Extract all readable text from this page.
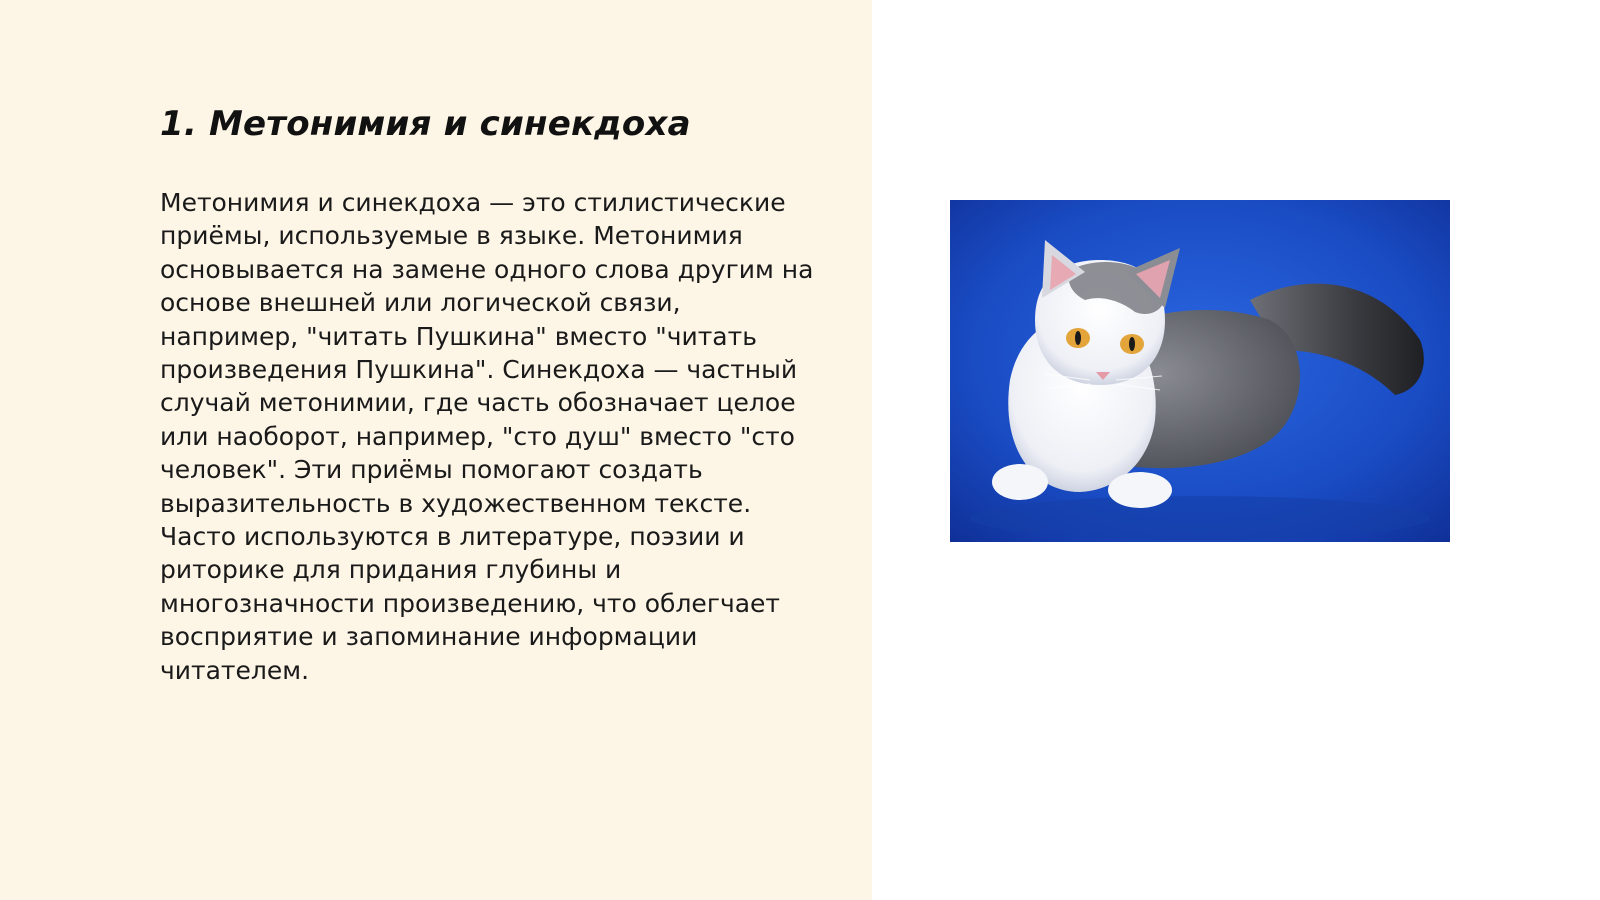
1. Метонимия и синекдоха

Метонимия и синекдоха — это стилистические
приёмы, используемые в языке. Метонимия
основывается на замене одного слова другим на
основе внешней или логической связи,
например, "читать Пушкина" вместо "читать
произведения Пушкина". Синекдоха — частный
случай метонимии, где часть обозначает целое
или наоборот, например, "сто душ" вместо "сто
человек". Эти приёмы помогают создать
выразительность в художественном тексте.
Часто используются в литературе, поэзии и
риторике для придания глубины и
многозначности произведению, что облегчает
восприятие и запоминание информации
читателем.
